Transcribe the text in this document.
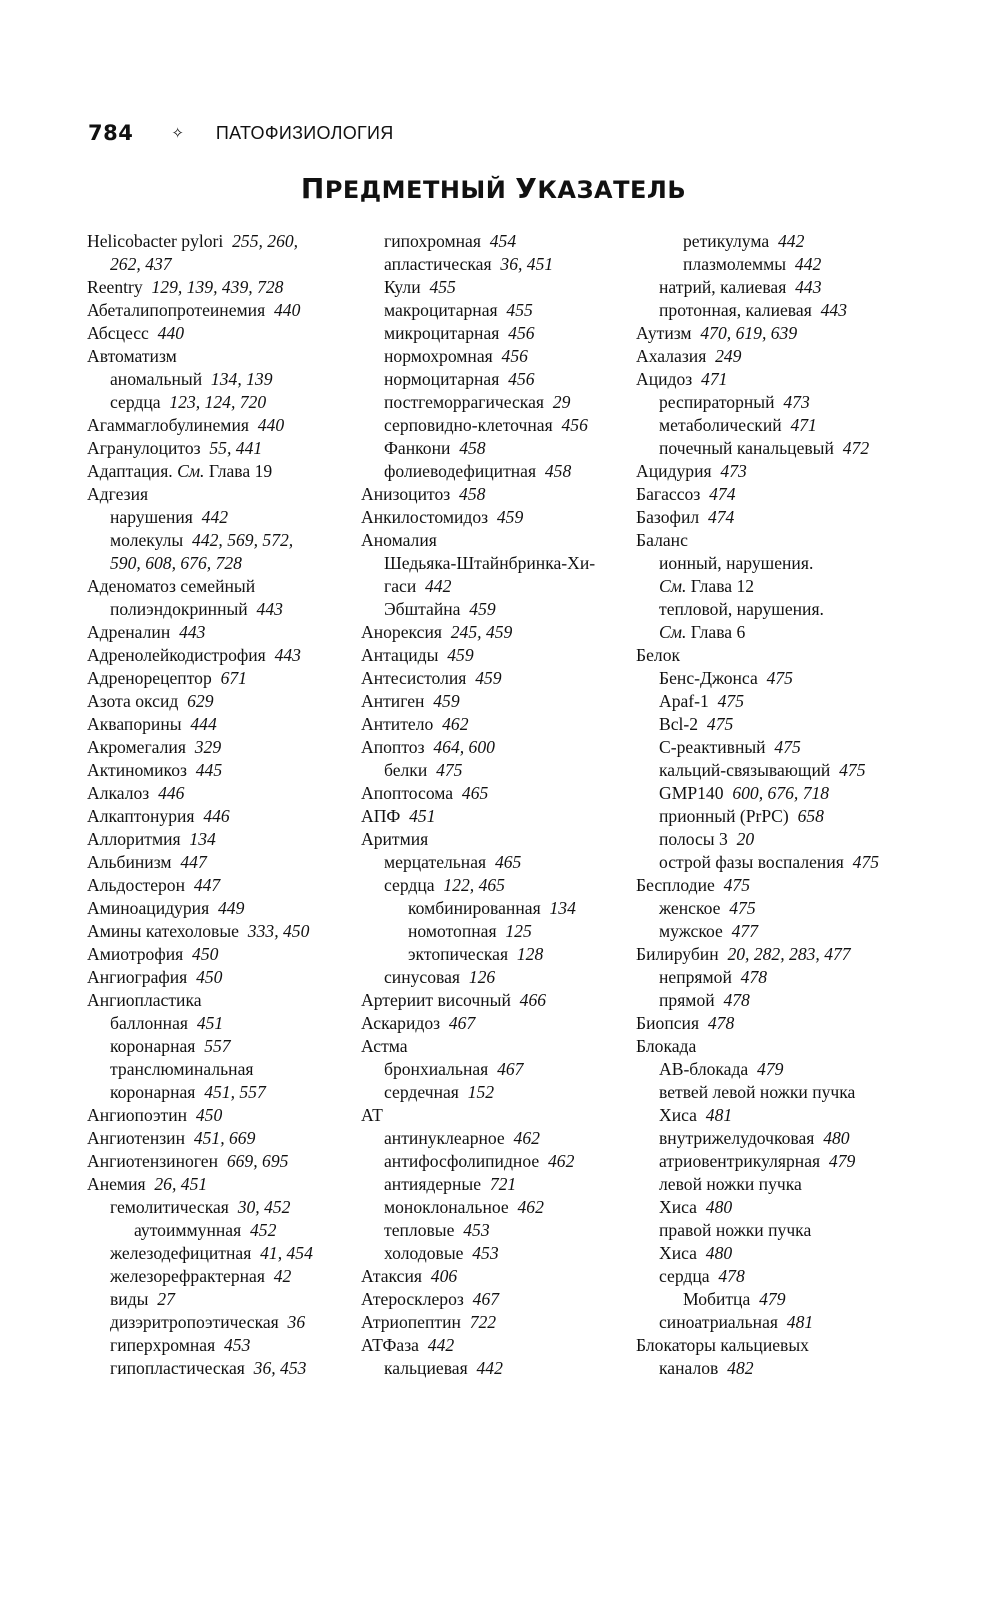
784	✧ ПАТОФИЗИОЛОГИЯ
ПРЕДМЕТНЫЙ УКАЗАТЕЛЬ
Helicobacter pylori  255, 260,
262, 437
Reentry  129, 139, 439, 728
Абеталипопротеинемия  440
Абсцесс  440
Автоматизм
аномальный  134, 139
сердца  123, 124, 720
Агаммаглобулинемия  440
Агранулоцитоз  55, 441
Адаптация. См. Глава 19
Адгезия
нарушения  442
молекулы  442, 569, 572,
590, 608, 676, 728
Аденоматоз семейный
полиэндокринный  443
Адреналин  443
Адренолейкодистрофия  443
Адренорецептор  671
Азота оксид  629
Аквапорины  444
Акромегалия  329
Актиномикоз  445
Алкалоз  446
Алкаптонурия  446
Аллоритмия  134
Альбинизм  447
Альдостерон  447
Аминоацидурия  449
Амины катехоловые  333, 450
Амиотрофия  450
Ангиография  450
Ангиопластика
баллонная  451
коронарная  557
транслюминальная
коронарная  451, 557
Ангиопоэтин  450
Ангиотензин  451, 669
Ангиотензиноген  669, 695
Анемия  26, 451
гемолитическая  30, 452
аутоиммунная  452
железодефицитная  41, 454
железорефрактерная  42
виды  27
дизэритропоэтическая  36
гиперхромная  453
гипопластическая  36, 453
гипохромная  454
апластическая  36, 451
Кули  455
макроцитарная  455
микроцитарная  456
нормохромная  456
нормоцитарная  456
постгеморрагическая  29
серповидно-клеточная  456
Фанкони  458
фолиеводефицитная  458
Анизоцитоз  458
Анкилостомидоз  459
Аномалия
Шедьяка-Штайнбринка-Хи-
гаси  442
Эбштайна  459
Анорексия  245, 459
Антациды  459
Антесистолия  459
Антиген  459
Антитело  462
Апоптоз  464, 600
белки  475
Апоптосома  465
АПФ  451
Аритмия
мерцательная  465
сердца  122, 465
комбинированная  134
номотопная  125
эктопическая  128
синусовая  126
Артериит височный  466
Аскаридоз  467
Астма
бронхиальная  467
сердечная  152
АТ
антинуклеарное  462
антифосфолипидное  462
антиядерные  721
моноклональное  462
тепловые  453
холодовые  453
Атаксия  406
Атеросклероз  467
Атриопептин  722
АТФаза  442
кальциевая  442
ретикулума  442
плазмолеммы  442
натрий, калиевая  443
протонная, калиевая  443
Аутизм  470, 619, 639
Ахалазия  249
Ацидоз  471
респираторный  473
метаболический  471
почечный канальцевый  472
Ацидурия  473
Багассоз  474
Базофил  474
Баланс
ионный, нарушения.
См. Глава 12
тепловой, нарушения.
См. Глава 6
Белок
Бенс-Джонса  475
Apaf-1  475
Bcl-2  475
С-реактивный  475
кальций-связывающий  475
GMP140  600, 676, 718
прионный (PrPC)  658
полосы 3  20
острой фазы воспаления  475
Бесплодие  475
женское  475
мужское  477
Билирубин  20, 282, 283, 477
непрямой  478
прямой  478
Биопсия  478
Блокада
АВ-блокада  479
ветвей левой ножки пучка
Хиса  481
внутрижелудочковая  480
атриовентрикулярная  479
левой ножки пучка
Хиса  480
правой ножки пучка
Хиса  480
сердца  478
Мобитца  479
синоатриальная  481
Блокаторы кальциевых
каналов  482
